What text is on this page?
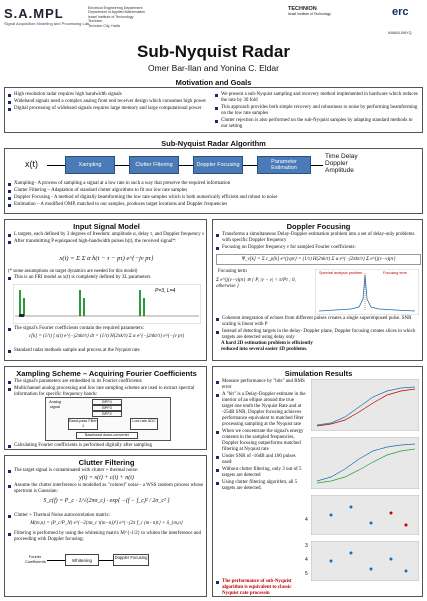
S.A.MPL
Signal Acquisition Modeling and Processing Lab
Electrical Engineering Department
Department of Applied Mathematics
Israel Institute of Technology
Technion
Technion City, Haifa
TECHNION
Israel Institute of Technology	erc
646804-BNYQ
Sub-Nyquist Radar
Omer Bar-Ilan and Yonina C. Eldar
Motivation and Goals
High resolution radar requires high bandwidth signals
Wideband signals need a complex analog front end receiver design which consumes high power
Digital processing of wideband signals requires large memory and large computational power
We present a sub-Nyquist sampling and recovery method implemented in hardware which reduces the rate by 30 fold
This approach provides both simple recovery and robustness to noise by performing beamforming on the low rate samples
Clutter rejection is also performed on the sub-Nyquist samples by adapting standard methods to our setting
Sub-Nyquist Radar Algorithm
x(t)	Xampling	Clutter Filtering	Doppler Focusing	Parameter Estimation
Time Delay
Doppler
Amplitude
Xampling– A process of sampling a signal at a low rate in such a way that preserve the required information
Clutter Filtering – Adaptation of standard clutter algorithms to fit our low rate samples
Doppler Focusing - A method of digitally beamforming the low rate samples which is both numerically efficient and robust to noise
Estimation – A modified OMP, matched to our samples, produces target locations and Doppler frequencies
Input Signal Model
L targets, each defined by 3 degrees of freedom: amplitude α, delay τ, and Doppler frequency ν
After transmitting P equispaced high-bandwidth pulses h(t), the received signal*:
x(t) = Σ Σ α h(t − τ − pτ) e^{−jν pτ}
(* some assumptions on target dynamics are needed for this model)
This is an FRI model as x(t) is completely defined by 3L parameters
P=3, L=4
The signal's Fourier coefficients contain the required parameters:
c[k] = (1/τ) ∫ x(t) e^{−j2πkt/τ} dt = (1/τ) H(2πk/τ) Σ α e^{−j2πkτ/τ} e^{−jν pτ}
Standard radar methods sample and process at the Nyquist rate
Xampling Scheme – Acquiring Fourier Coefficients
The signal's parameters are embedded in its Fourier coefficients
Multichannel analog processing and low rate sampling scheme are used to extract spectral information for specific frequency bands:
Analog signal
BPF4
BPF3
BPF2
Band-pass Filter 1
Low rate ADC
Baseband down-converter
Calculating Fourier coefficients is performed digitally after sampling
Clutter Filtering
The target signal is contaminated with clutter + thermal noise:
y(t) = x(t) + c(t) + n(t)
Assume the clutter interference is modelled as "colored" noise - a WSS random process whose spectrum is Gaussian:
S_c(f) = P_c · 1/√(2πσ_c) · exp{ −(f − f_c)² / 2σ_c² }
Clutter + Thermal Noise autocorrelation matrix:
M(m,n) = (P_c/P_N) e^{−2(πσ_c τ(m−n))²} e^{−j2π f_c (m−n)τ} + δ_{m,n}
Filtering is performed by using the whitening matrix M^{-1/2} to whiten the interference and proceeding with Doppler focusing:
Fourier Coefficients	Whitening
Doppler Focusing
Doppler Focusing
Transforms a simultaneous Delay-Doppler estimation problem into a set of delay-only problems with specific Doppler frequency
Focusing on Doppler frequency ν for sampled Fourier coefficients:
Ψ_ν[k] = Σ c_p[k] e^{jνpτ} = (1/τ) H(2πk/τ) Σ α e^{−j2πkτ/τ} Σ e^{j(ν−ν)pτ}
Focusing term
Σ e^{j(ν−ν)pτ} ≅ { P, |ν − ν| < π/Pτ ; 0, otherwise }
Spectral analysis problem	Focusing term
Coherent integration of echoes from different pulses creates a single superimposed pulse. SNR scaling is linear with P
Instead of detecting targets in the delay- Doppler plane, Doppler focusing creates slices in which targets are detected using delay only
A hard 2D estimation problem is efficiently reduced into several easier 1D problems.
Simulation Results
Measure performance by "hits" and RMS error
A "hit" is a Delay-Doppler estimate in the interior of an ellipse around the true target one tenth the Nyquist Rate and at -25dB SNR, Doppler focusing achieves performance equivalent to matched filter processing sampling at the Nyquist rate
When we concentrate the signal's energy contents in the sampled frequencies, Doppler focusing outperforms matched filtering at Nyquist rate
Under SNR of -16dB and 100 pulses used:
Without clutter filtering, only 3 out of 5 targets are detected
Using clutter filtering algorithm, all 5 targets are detected.
4
3
4
5
The performance of sub-Nyquist algorithm is equivalent to classic Nyquist rate processin
